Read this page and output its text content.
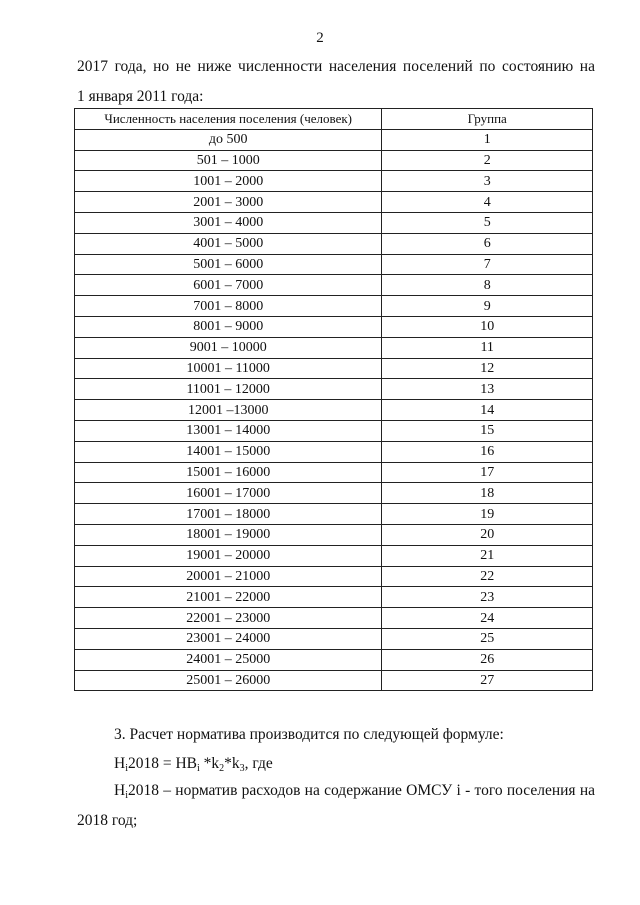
2
2017 года, но не ниже численности населения поселений по состоянию на
1 января 2011 года:
Численность населения поселения (человек)	Группа
до 500	1
501 – 1000	2
1001 – 2000	3
2001 – 3000	4
3001 – 4000	5
4001 – 5000	6
5001 – 6000	7
6001 – 7000	8
7001 – 8000	9
8001 – 9000	10
9001 – 10000	11
10001 – 11000	12
11001 – 12000	13
12001 –13000	14
13001 – 14000	15
14001 – 15000	16
15001 – 16000	17
16001 – 17000	18
17001 – 18000	19
18001 – 19000	20
19001 – 20000	21
20001 – 21000	22
21001 – 22000	23
22001 – 23000	24
23001 – 24000	25
24001 – 25000	26
25001 – 26000	27
3. Расчет норматива производится по следующей формуле:
$Н_i2018 = НВ_i$ $*k_2*k_3$, где
$Н_i2018$ – норматив расходов на содержание ОМСУ i - того поселения на 2018 год;
